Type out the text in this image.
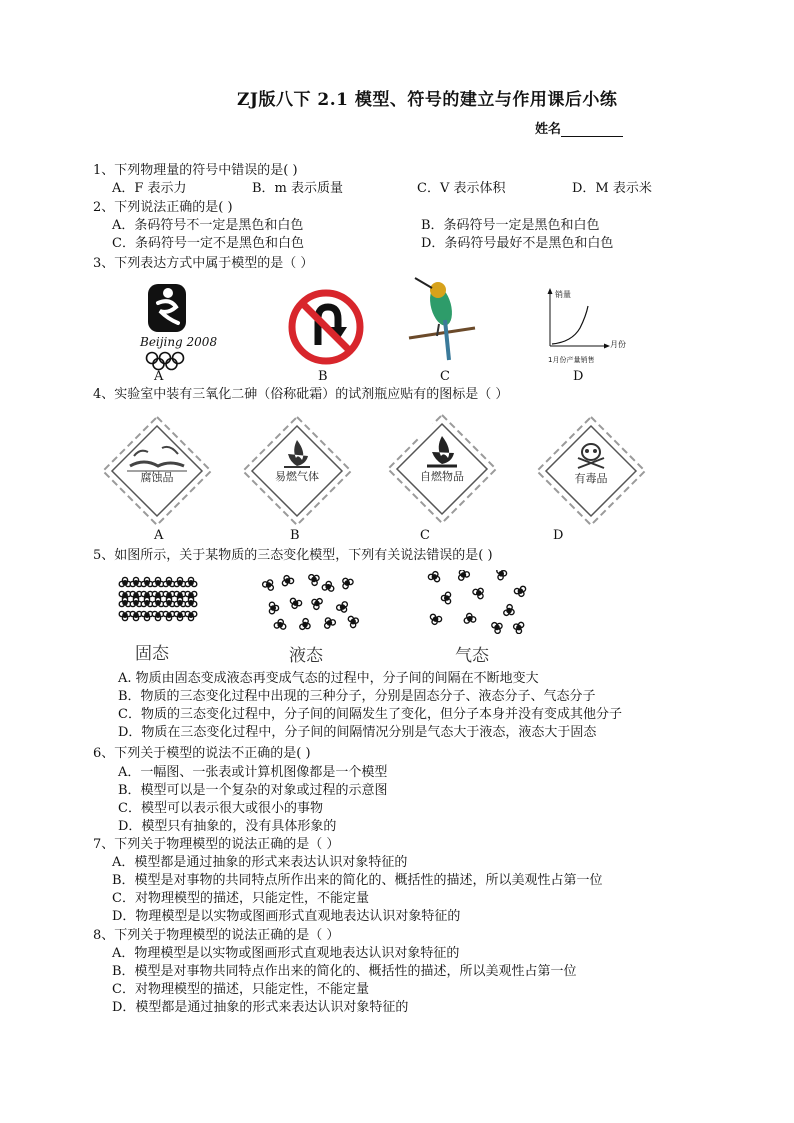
ZJ版八下 2.1 模型、符号的建立与作用课后小练
姓名
1、下列物理量的符号中错误的是( )
A．F 表示力	B．m 表示质量	C．V 表示体积	D．M 表示米
2、下列说法正确的是( )
A．条码符号不一定是黑色和白色	B．条码符号一定是黑色和白色
C．条码符号一定不是黑色和白色	D．条码符号最好不是黑色和白色
3、下列表达方式中属于模型的是（ ）
Beijing 2008
A	B	C
销量
月份
1月份产量销售
D
4、实验室中装有三氧化二砷（俗称砒霜）的试剂瓶应贴有的图标是（ ）
腐蚀品	易燃气体	自燃物品	有毒品
A	B	C	D
5、如图所示，关于某物质的三态变化模型，下列有关说法错误的是( )
固态	液态	气态
A. 物质由固态变成液态再变成气态的过程中，分子间的间隔在不断地变大
B．物质的三态变化过程中出现的三种分子，分别是固态分子、液态分子、气态分子
C．物质的三态变化过程中，分子间的间隔发生了变化，但分子本身并没有变成其他分子
D．物质在三态变化过程中，分子间的间隔情况分别是气态大于液态，液态大于固态
6、下列关于模型的说法不正确的是( )
A．一幅图、一张表或计算机图像都是一个模型
B．模型可以是一个复杂的对象或过程的示意图
C．模型可以表示很大或很小的事物
D．模型只有抽象的，没有具体形象的
7、下列关于物理模型的说法正确的是（ ）
A．模型都是通过抽象的形式来表达认识对象特征的
B．模型是对事物的共同特点所作出来的简化的、概括性的描述，所以美观性占第一位
C．对物理模型的描述，只能定性，不能定量
D．物理模型是以实物或图画形式直观地表达认识对象特征的
8、下列关于物理模型的说法正确的是（ ）
A．物理模型是以实物或图画形式直观地表达认识对象特征的
B．模型是对事物共同特点作出来的简化的、概括性的描述，所以美观性占第一位
C．对物理模型的描述，只能定性，不能定量
D．模型都是通过抽象的形式来表达认识对象特征的
